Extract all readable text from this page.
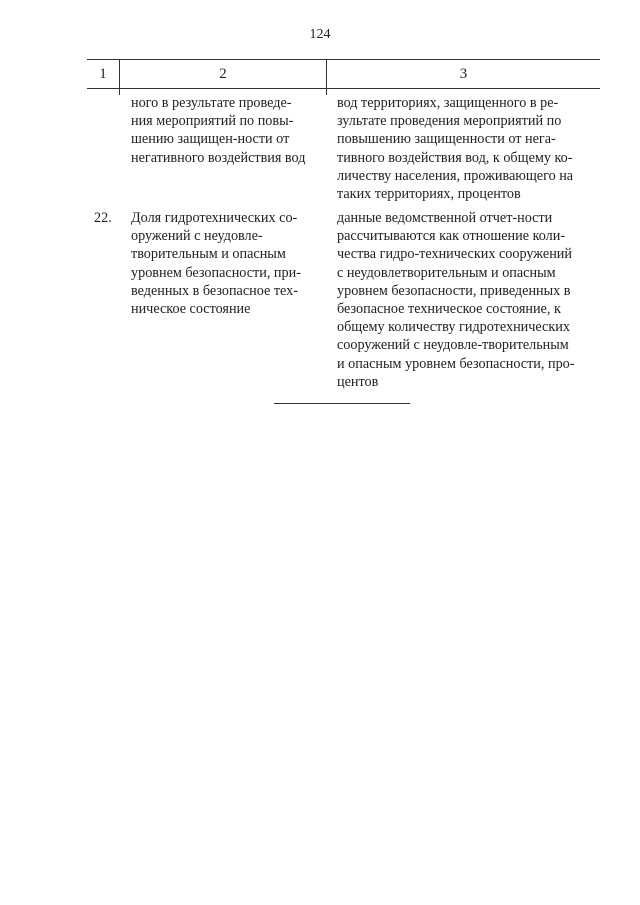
124
1	2	3
ного в результате проведе-
ния мероприятий по повы-
шению защищен-ности от
негативного воздействия вод
вод территориях, защищенного в ре-
зультате проведения мероприятий по
повышению защищенности от нега-
тивного воздействия вод, к общему ко-
личеству населения, проживающего на
таких территориях, процентов
22. Доля гидротехнических со-
оружений с неудовле-
творительным и опасным
уровнем безопасности, при-
веденных в безопасное тех-
ническое состояние
данные ведомственной отчет-ности
рассчитываются как отношение коли-
чества гидро-технических сооружений
с неудовлетворительным и опасным
уровнем безопасности, приведенных в
безопасное техническое состояние, к
общему количеству гидротехнических
сооружений с неудовле-творительным
и опасным уровнем безопасности, про-
центов
